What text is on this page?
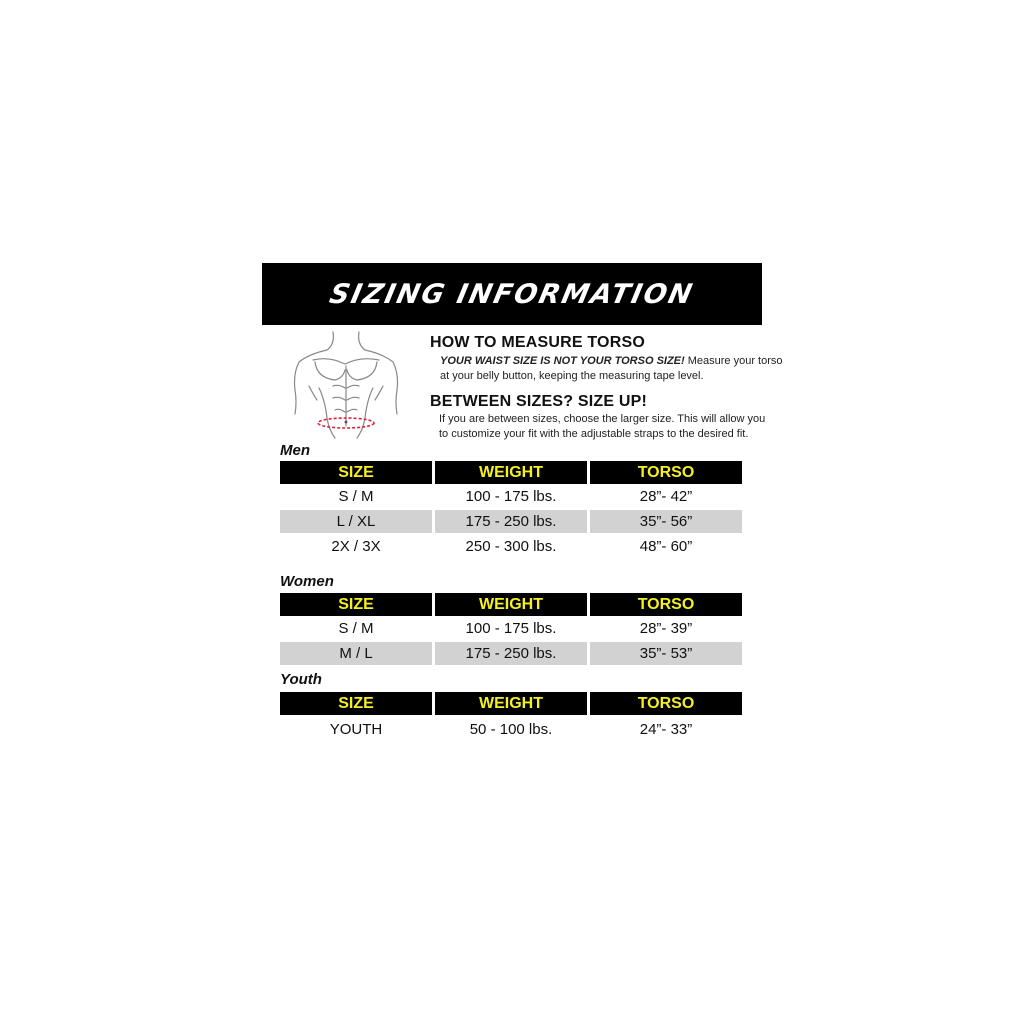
SIZING INFORMATION
HOW TO MEASURE TORSO
YOUR WAIST SIZE IS NOT YOUR TORSO SIZE! Measure your torso
at your belly button, keeping the measuring tape level.
BETWEEN SIZES? SIZE UP!
If you are between sizes, choose the larger size. This will allow you
to customize your fit with the adjustable straps to the desired fit.
Men
SIZE	WEIGHT	TORSO
S / M	100 - 175 lbs.	28”- 42”
L / XL	175 - 250 lbs.	35”- 56”
2X / 3X	250 - 300 lbs.	48”- 60”
Women
SIZE	WEIGHT	TORSO
S / M	100 - 175 lbs.	28”- 39”
M / L	175 - 250 lbs.	35”- 53”
Youth
SIZE	WEIGHT	TORSO
YOUTH	50 - 100 lbs.	24”- 33”
